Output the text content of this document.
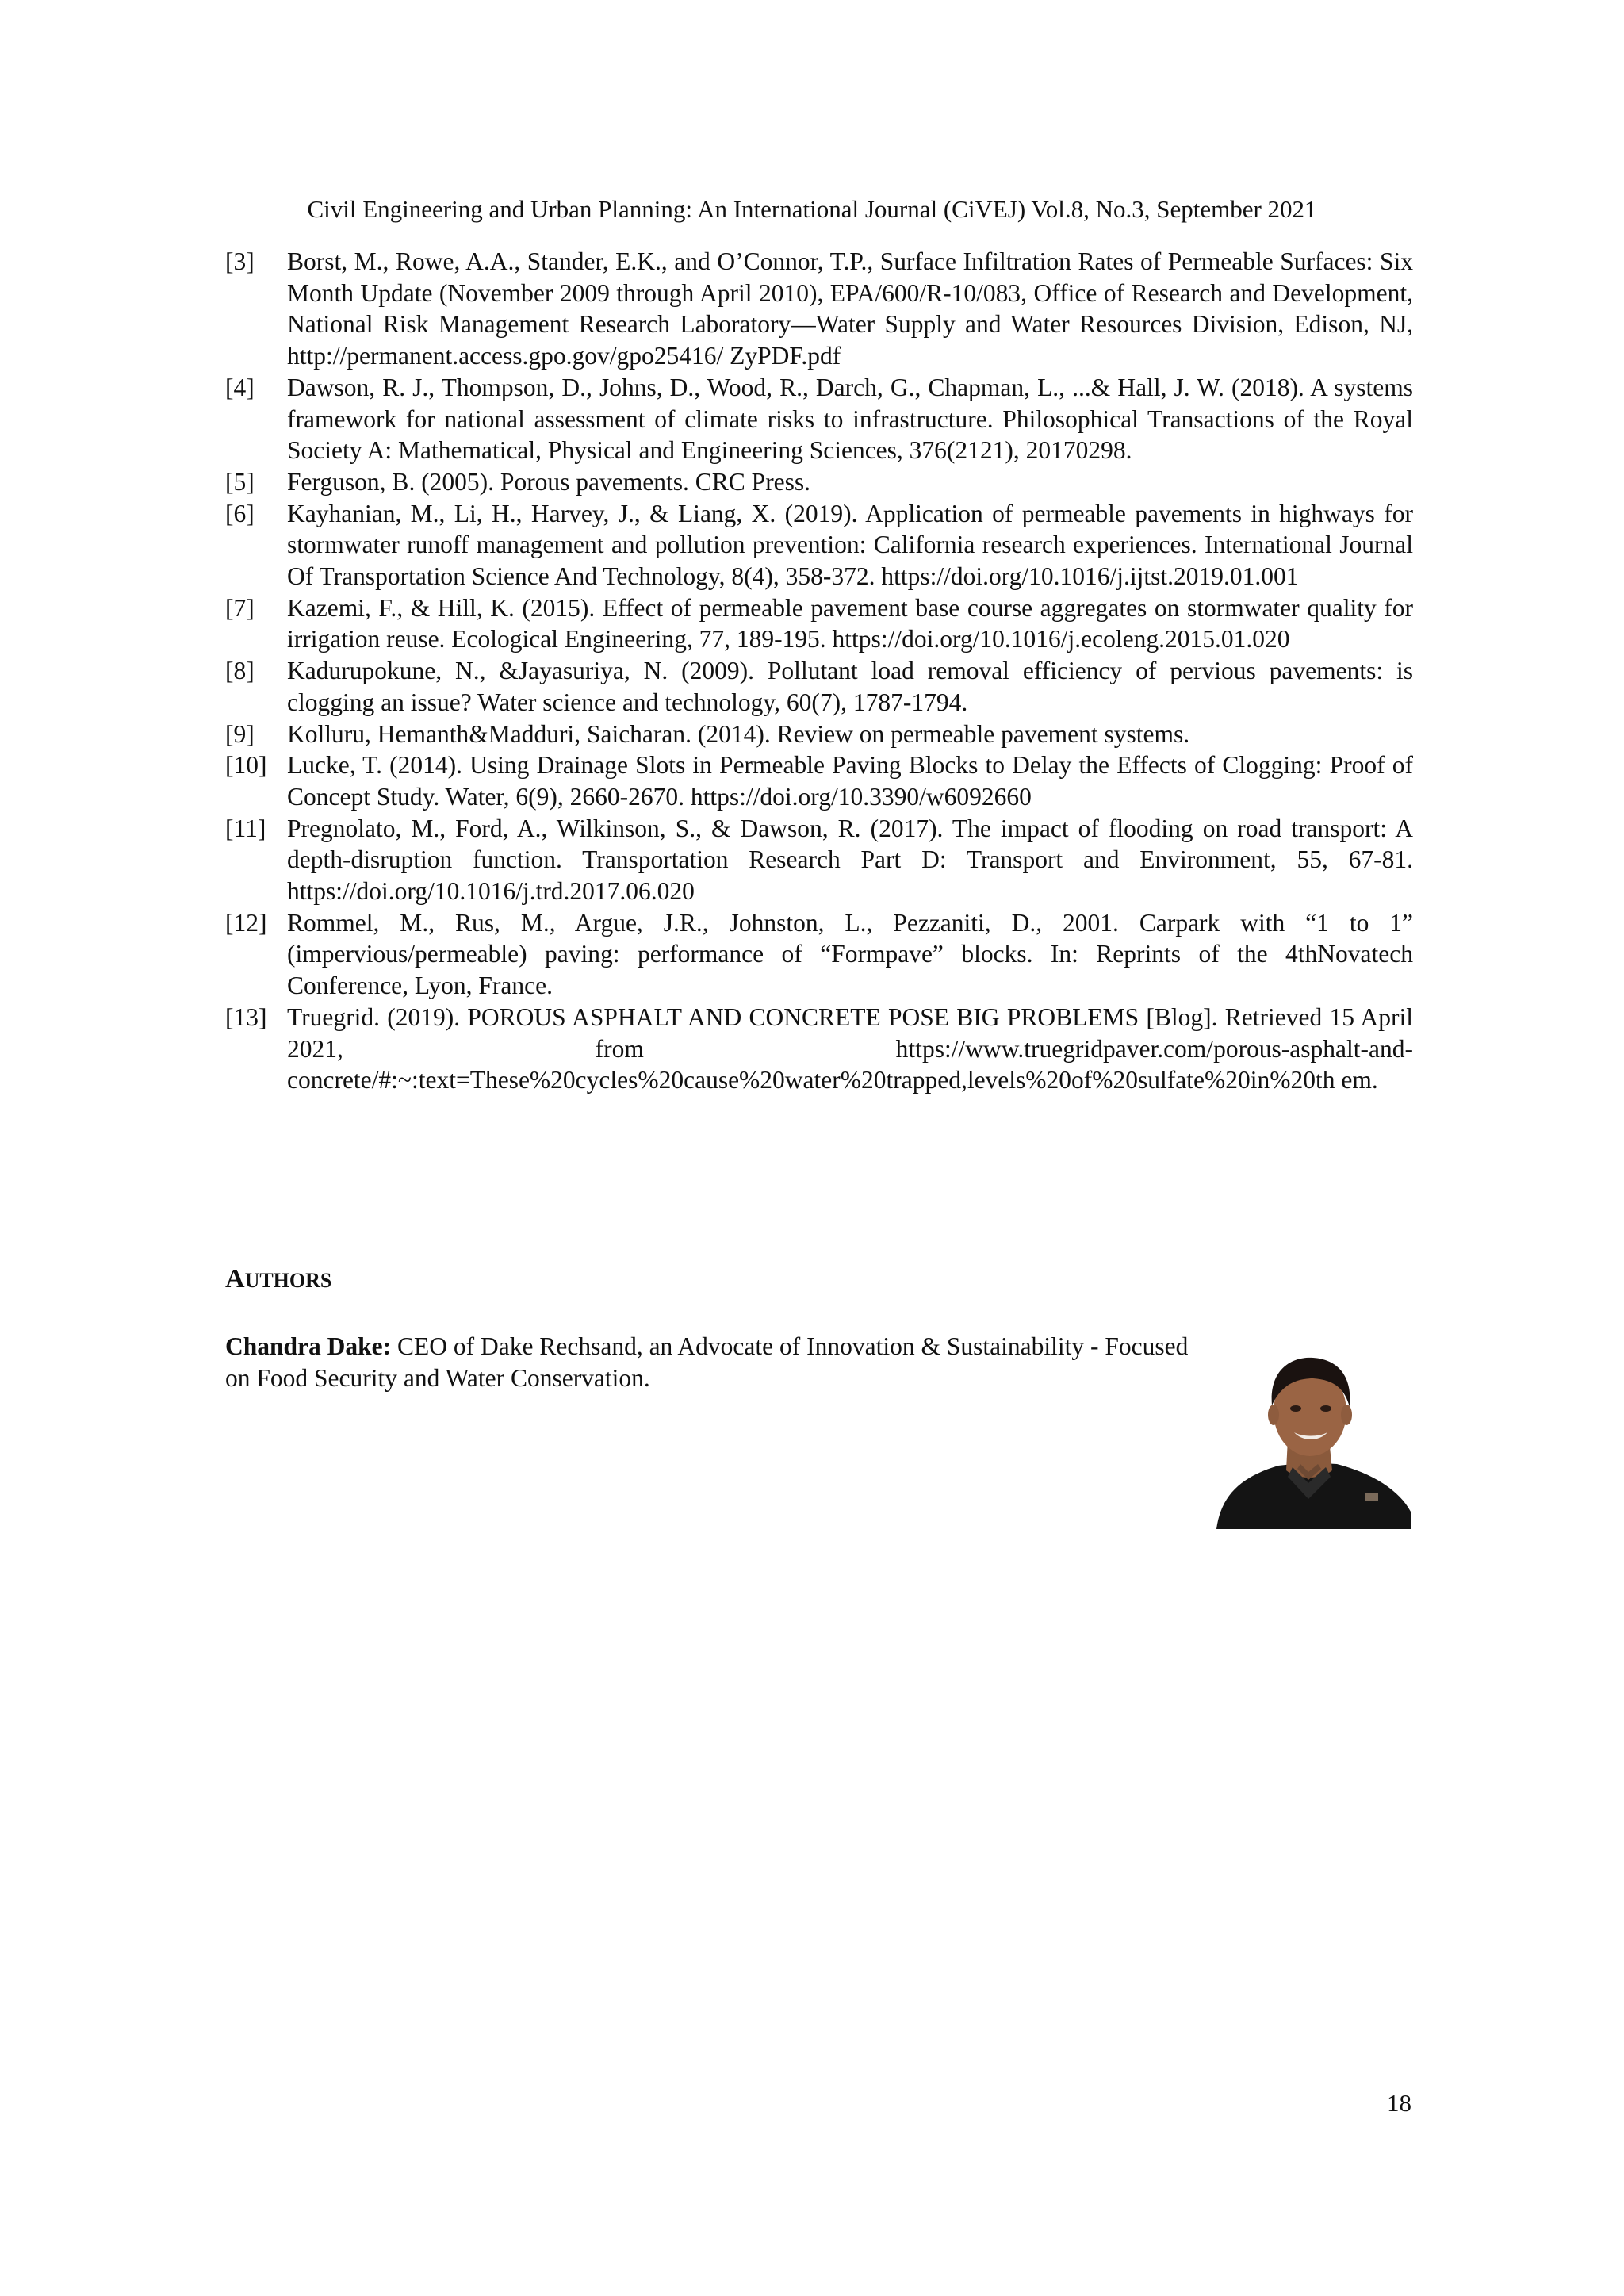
Civil Engineering and Urban Planning: An International Journal (CiVEJ) Vol.8, No.3, September 2021
[3] Borst, M., Rowe, A.A., Stander, E.K., and O’Connor, T.P., Surface Infiltration Rates of Permeable Surfaces: Six Month Update (November 2009 through April 2010), EPA/600/R-10/083, Office of Research and Development, National Risk Management Research Laboratory—Water Supply and Water Resources Division, Edison, NJ, http://permanent.access.gpo.gov/gpo25416/ ZyPDF.pdf
[4] Dawson, R. J., Thompson, D., Johns, D., Wood, R., Darch, G., Chapman, L., ...& Hall, J. W. (2018). A systems framework for national assessment of climate risks to infrastructure. Philosophical Transactions of the Royal Society A: Mathematical, Physical and Engineering Sciences, 376(2121), 20170298.
[5] Ferguson, B. (2005). Porous pavements. CRC Press.
[6] Kayhanian, M., Li, H., Harvey, J., & Liang, X. (2019). Application of permeable pavements in highways for stormwater runoff management and pollution prevention: California research experiences. International Journal Of Transportation Science And Technology, 8(4), 358-372. https://doi.org/10.1016/j.ijtst.2019.01.001
[7] Kazemi, F., & Hill, K. (2015). Effect of permeable pavement base course aggregates on stormwater quality for irrigation reuse. Ecological Engineering, 77, 189-195. https://doi.org/10.1016/j.ecoleng.2015.01.020
[8] Kadurupokune, N., &Jayasuriya, N. (2009). Pollutant load removal efficiency of pervious pavements: is clogging an issue? Water science and technology, 60(7), 1787-1794.
[9] Kolluru, Hemanth&Madduri, Saicharan. (2014). Review on permeable pavement systems.
[10] Lucke, T. (2014). Using Drainage Slots in Permeable Paving Blocks to Delay the Effects of Clogging: Proof of Concept Study. Water, 6(9), 2660-2670. https://doi.org/10.3390/w6092660
[11] Pregnolato, M., Ford, A., Wilkinson, S., & Dawson, R. (2017). The impact of flooding on road transport: A depth-disruption function. Transportation Research Part D: Transport and Environment, 55, 67-81. https://doi.org/10.1016/j.trd.2017.06.020
[12] Rommel, M., Rus, M., Argue, J.R., Johnston, L., Pezzaniti, D., 2001. Carpark with “1 to 1” (impervious/permeable) paving: performance of “Formpave” blocks. In: Reprints of the 4thNovatech Conference, Lyon, France.
[13] Truegrid. (2019). POROUS ASPHALT AND CONCRETE POSE BIG PROBLEMS [Blog]. Retrieved 15 April 2021, from https://www.truegridpaver.com/porous-asphalt-and-concrete/#:~:text=These%20cycles%20cause%20water%20trapped,levels%20of%20sulfate%20in%20th em.
AUTHORS
Chandra Dake: CEO of Dake Rechsand, an Advocate of Innovation & Sustainability - Focused on Food Security and Water Conservation.
18
